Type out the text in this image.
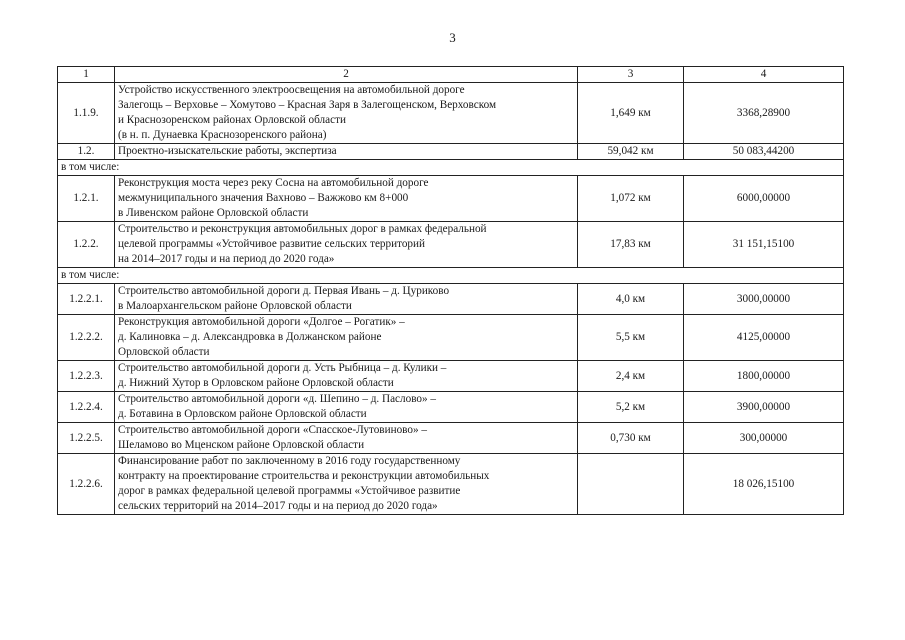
3
1	2	3	4
1.1.9.	Устройство искусственного электроосвещения на автомобильной дороге
Залегощь – Верховье – Хомутово – Красная Заря в Залегощенском, Верховском
и Краснозоренском районах Орловской области
(в н. п. Дунаевка Краснозоренского района)	1,649 км	3368,28900
1.2.	Проектно-изыскательские работы, экспертиза	59,042 км	50 083,44200
в том числе:			
1.2.1.	Реконструкция моста через реку Сосна на автомобильной дороге
межмуниципального значения Вахново – Важжово км 8+000
в Ливенском районе Орловской области	1,072 км	6000,00000
1.2.2.	Строительство и реконструкция автомобильных дорог в рамках федеральной
целевой программы «Устойчивое развитие сельских территорий
на 2014–2017 годы и на период до 2020 года»	17,83 км	31 151,15100
в том числе:			
1.2.2.1.	Строительство автомобильной дороги д. Первая Ивань – д. Цуриково
в Малоархангельском районе Орловской области	4,0 км	3000,00000
1.2.2.2.	Реконструкция автомобильной дороги «Долгое – Рогатик» –
д. Калиновка – д. Александровка в Должанском районе
Орловской области	5,5 км	4125,00000
1.2.2.3.	Строительство автомобильной дороги д. Усть Рыбница – д. Кулики –
д. Нижний Хутор в Орловском районе Орловской области	2,4 км	1800,00000
1.2.2.4.	Строительство автомобильной дороги «д. Шепино – д. Паслово» –
д. Ботавина в Орловском районе Орловской области	5,2 км	3900,00000
1.2.2.5.	Строительство автомобильной дороги «Спасское-Лутовиново» –
Шеламово во Мценском районе Орловской области	0,730 км	300,00000
1.2.2.6.	Финансирование работ по заключенному в 2016 году государственному
контракту на проектирование строительства и реконструкции автомобильных
дорог в рамках федеральной целевой программы «Устойчивое развитие
сельских территорий на 2014–2017 годы и на период до 2020 года»		18 026,15100
